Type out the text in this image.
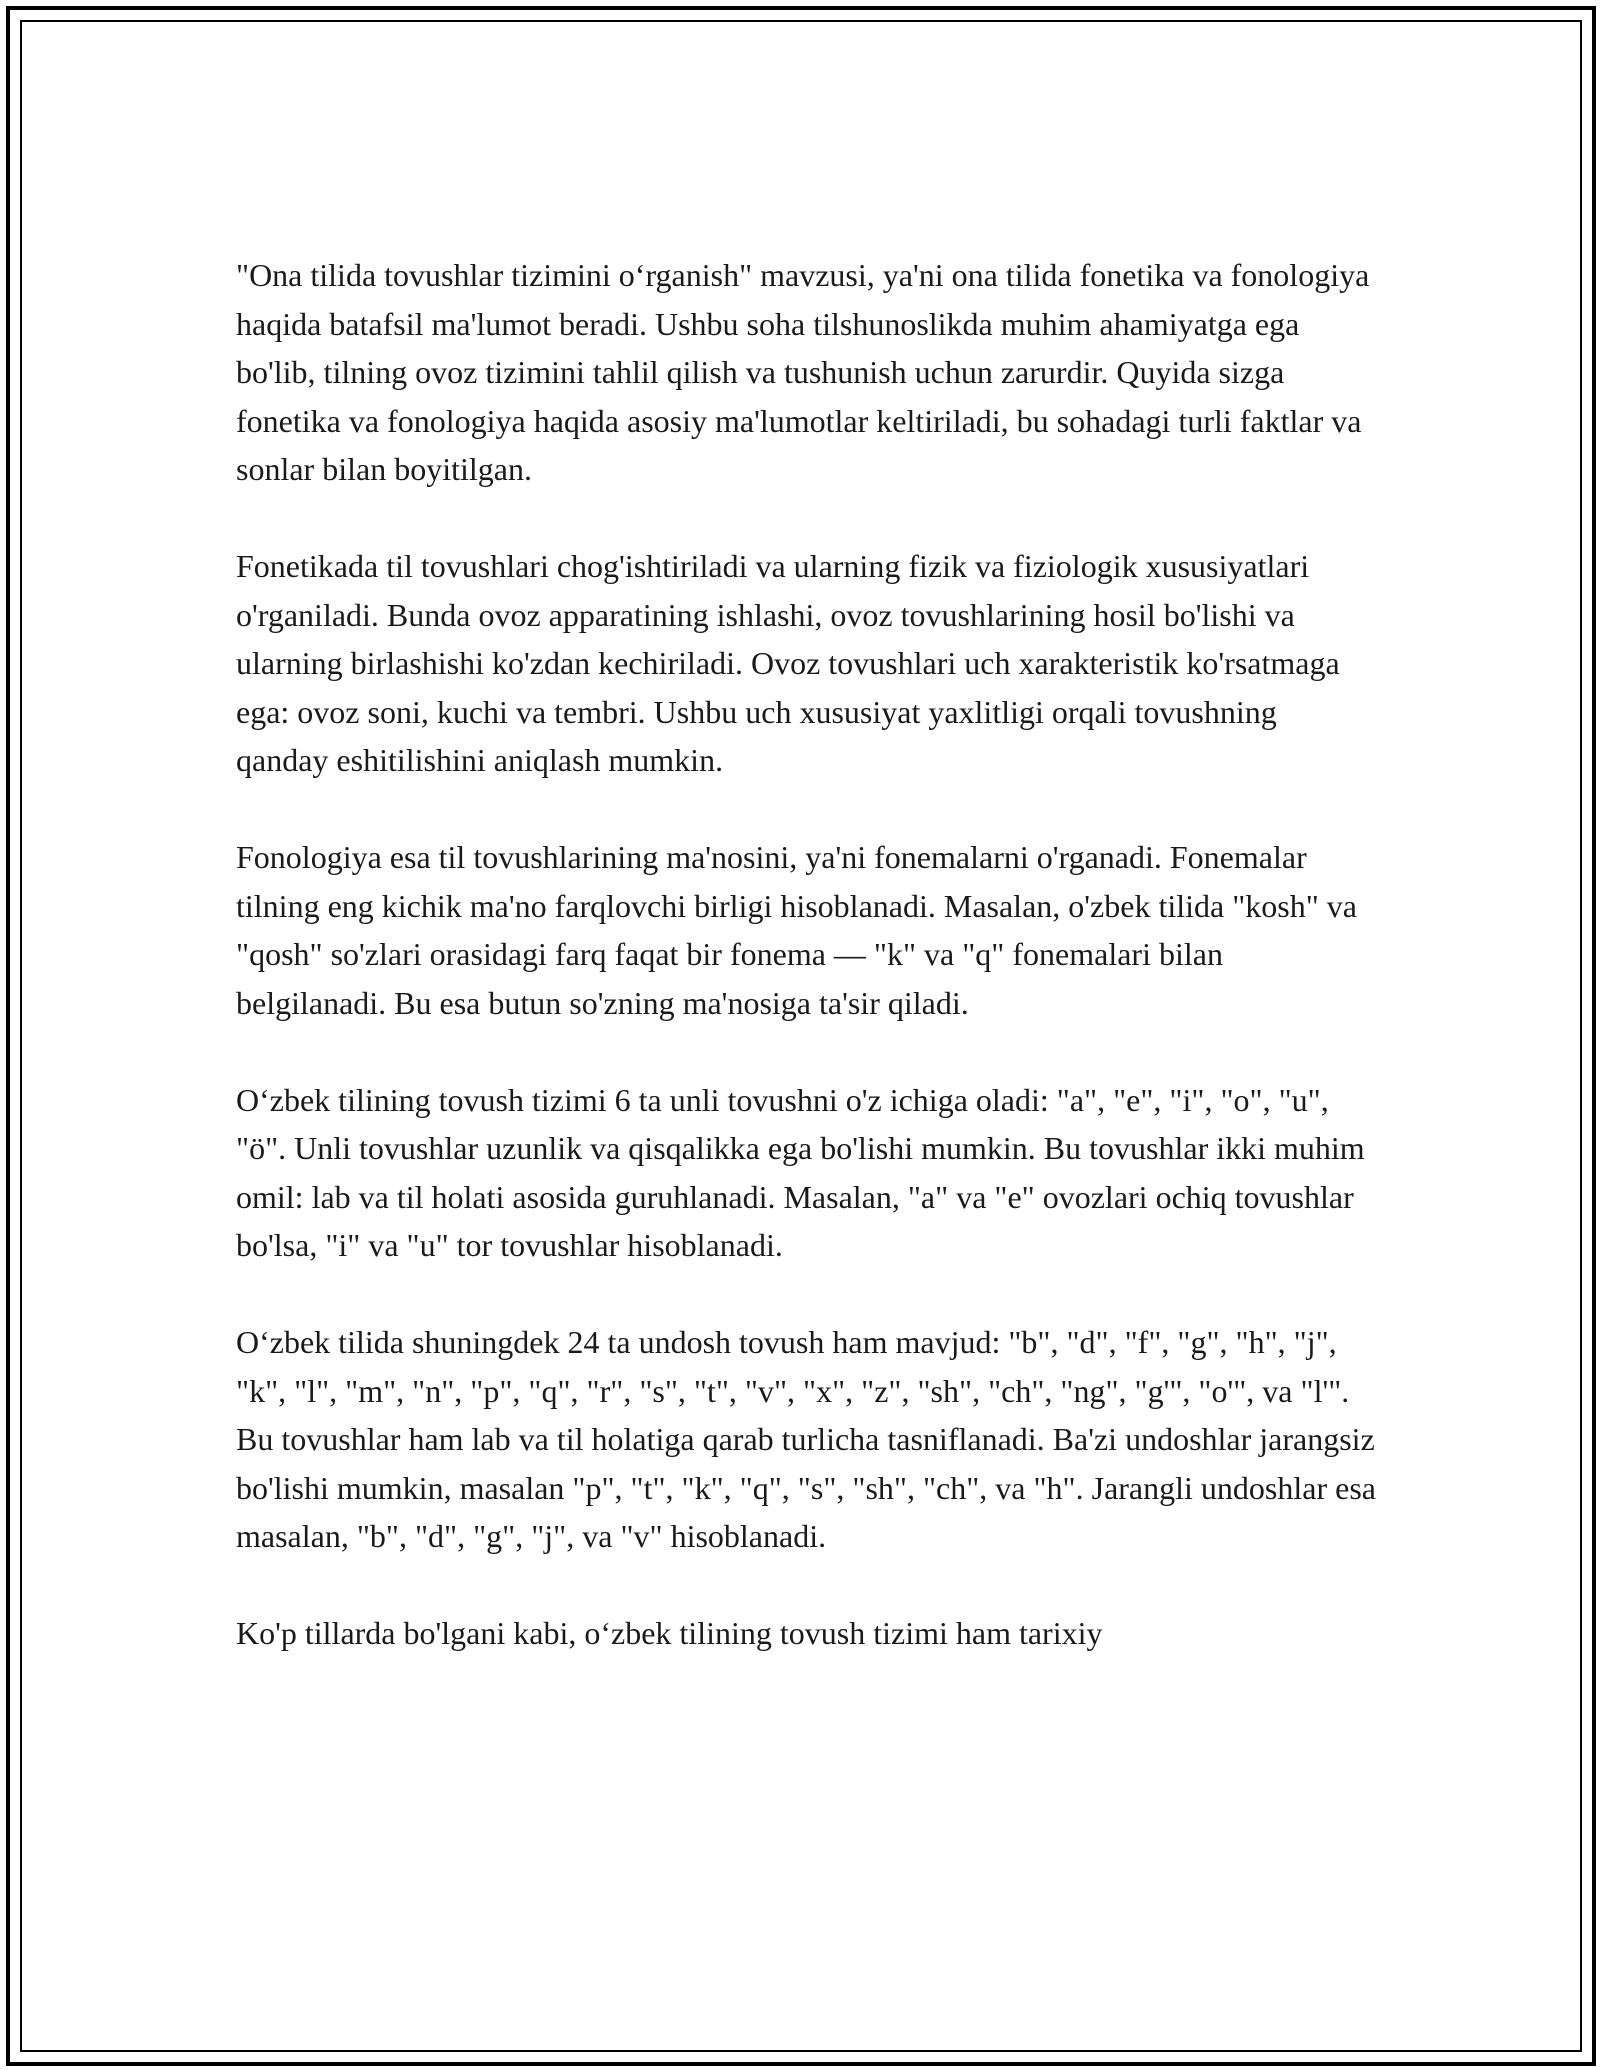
"Ona tilida tovushlar tizimini o‘rganish" mavzusi, ya'ni ona tilida fonetika va fonologiya haqida batafsil ma'lumot beradi. Ushbu soha tilshunoslikda muhim ahamiyatga ega bo'lib, tilning ovoz tizimini tahlil qilish va tushunish uchun zarurdir. Quyida sizga fonetika va fonologiya haqida asosiy ma'lumotlar keltiriladi, bu sohadagi turli faktlar va sonlar bilan boyitilgan.

Fonetikada til tovushlari chog'ishtiriladi va ularning fizik va fiziologik xususiyatlari o'rganiladi. Bunda ovoz apparatining ishlashi, ovoz tovushlarining hosil bo'lishi va ularning birlashishi ko'zdan kechiriladi. Ovoz tovushlari uch xarakteristik ko'rsatmaga ega: ovoz soni, kuchi va tembri. Ushbu uch xususiyat yaxlitligi orqali tovushning qanday eshitilishini aniqlash mumkin.

Fonologiya esa til tovushlarining ma'nosini, ya'ni fonemalarni o'rganadi. Fonemalar tilning eng kichik ma'no farqlovchi birligi hisoblanadi. Masalan, o'zbek tilida "kosh" va "qosh" so'zlari orasidagi farq faqat bir fonema — "k" va "q" fonemalari bilan belgilanadi. Bu esa butun so'zning ma'nosiga ta'sir qiladi.

O‘zbek tilining tovush tizimi 6 ta unli tovushni o'z ichiga oladi: "a", "e", "i", "o", "u", "ö". Unli tovushlar uzunlik va qisqalikka ega bo'lishi mumkin. Bu tovushlar ikki muhim omil: lab va til holati asosida guruhlanadi. Masalan, "a" va "e" ovozlari ochiq tovushlar bo'lsa, "i" va "u" tor tovushlar hisoblanadi.

O‘zbek tilida shuningdek 24 ta undosh tovush ham mavjud: "b", "d", "f", "g", "h", "j", "k", "l", "m", "n", "p", "q", "r", "s", "t", "v", "x", "z", "sh", "ch", "ng", "g'", "o'", va "l'". Bu tovushlar ham lab va til holatiga qarab turlicha tasniflanadi. Ba'zi undoshlar jarangsiz bo'lishi mumkin, masalan "p", "t", "k", "q", "s", "sh", "ch", va "h". Jarangli undoshlar esa masalan, "b", "d", "g", "j", va "v" hisoblanadi.

Ko'p tillarda bo'lgani kabi, o‘zbek tilining tovush tizimi ham tarixiy
